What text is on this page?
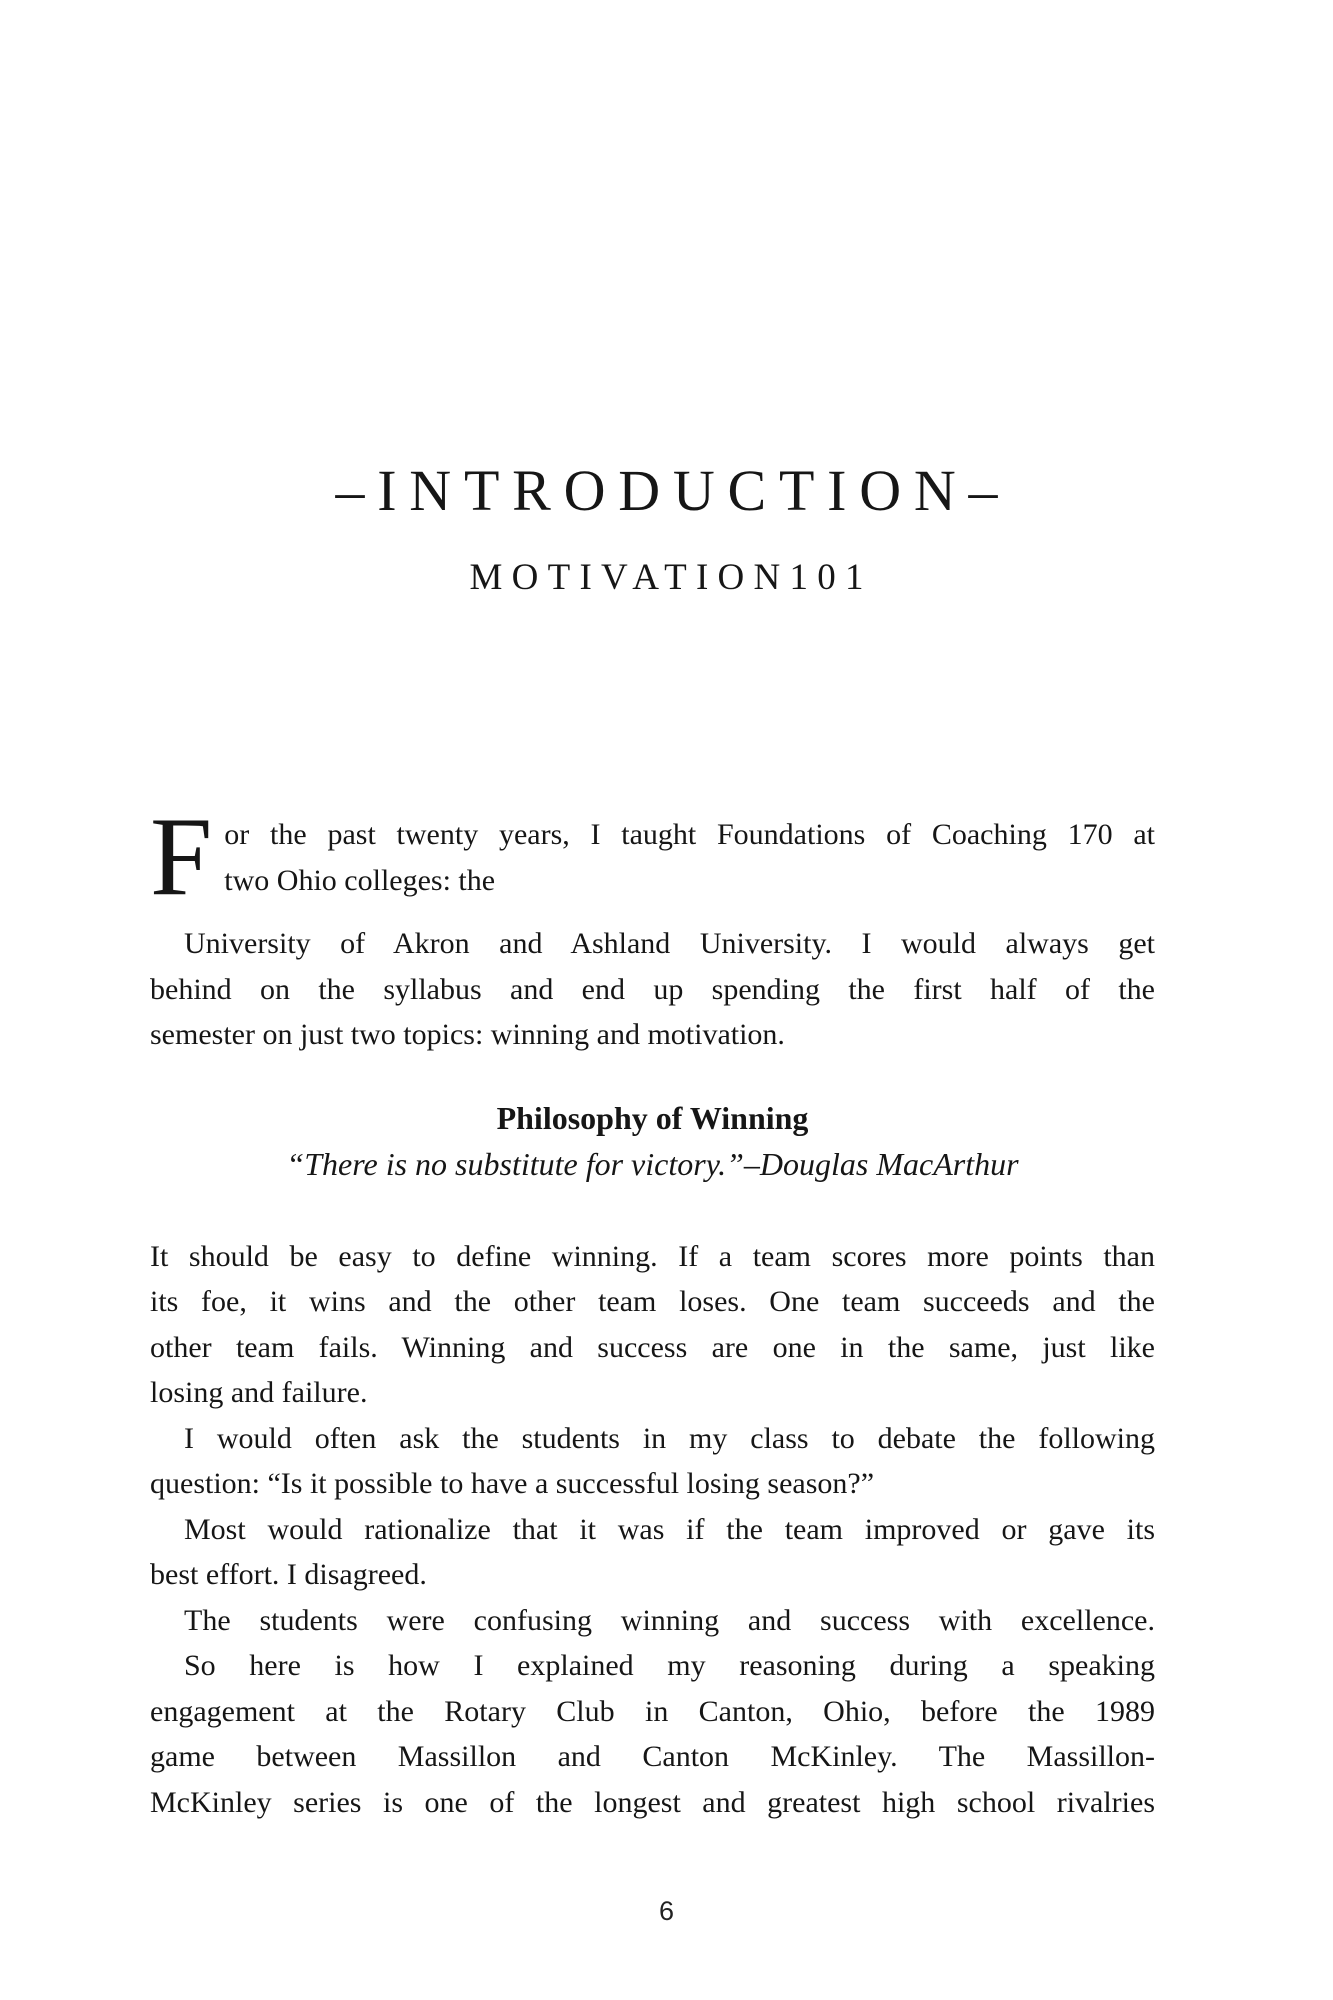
–INTRODUCTION–
MOTIVATION101
F or the past twenty years, I taught Foundations of Coaching 170 at
two Ohio colleges: the
University of Akron and Ashland University. I would always get
behind on the syllabus and end up spending the first half of the
semester on just two topics: winning and motivation.
Philosophy of Winning

“There is no substitute for victory.”–Douglas MacArthur

It should be easy to define winning. If a team scores more points than
its foe, it wins and the other team loses. One team succeeds and the
other team fails. Winning and success are one in the same, just like
losing and failure.
I would often ask the students in my class to debate the following
question: “Is it possible to have a successful losing season?”
Most would rationalize that it was if the team improved or gave its
best effort. I disagreed.
The students were confusing winning and success with excellence.
So here is how I explained my reasoning during a speaking
engagement at the Rotary Club in Canton, Ohio, before the 1989
game between Massillon and Canton McKinley. The Massillon-
McKinley series is one of the longest and greatest high school rivalries
6
